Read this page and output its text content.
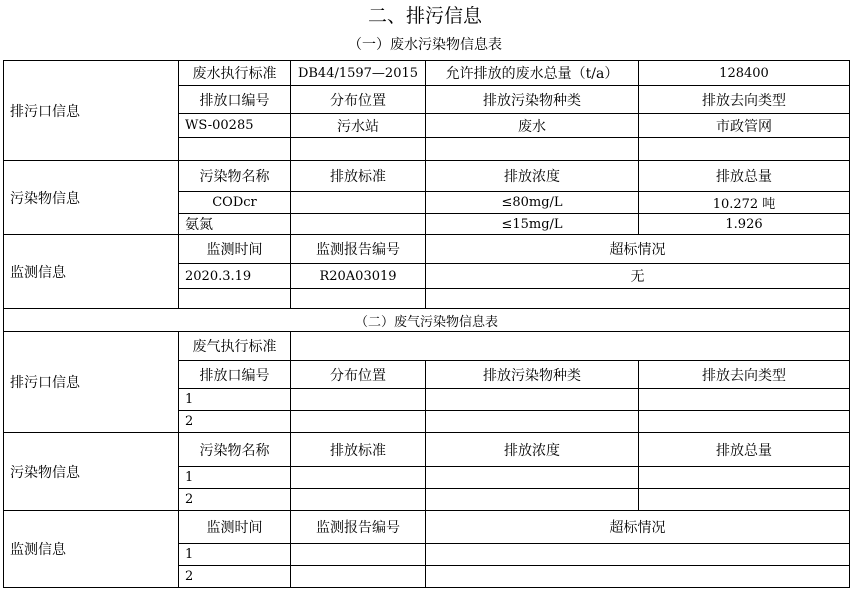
二、排污信息
（一）废水污染物信息表
排污口信息	废水执行标准	DB44/1597—2015	允许排放的废水总量（t/a）	128400
	排放口编号	分布位置	排放污染物种类	排放去向类型
	WS-00285	污水站	废水	市政管网

污染物信息	污染物名称	排放标准	排放浓度	排放总量
	CODcr		≤80mg/L	10.272 吨
	氨氮		≤15mg/L	1.926
监测信息	监测时间	监测报告编号	超标情况	
	2020.3.19	R20A03019	无	

（二）废气污染物信息表				
排污口信息	废气执行标准			
	排放口编号	分布位置	排放污染物种类	排放去向类型
	1			
	2			
污染物信息	污染物名称	排放标准	排放浓度	排放总量
	1			
	2			
监测信息	监测时间	监测报告编号	超标情况	
	1			
	2			
